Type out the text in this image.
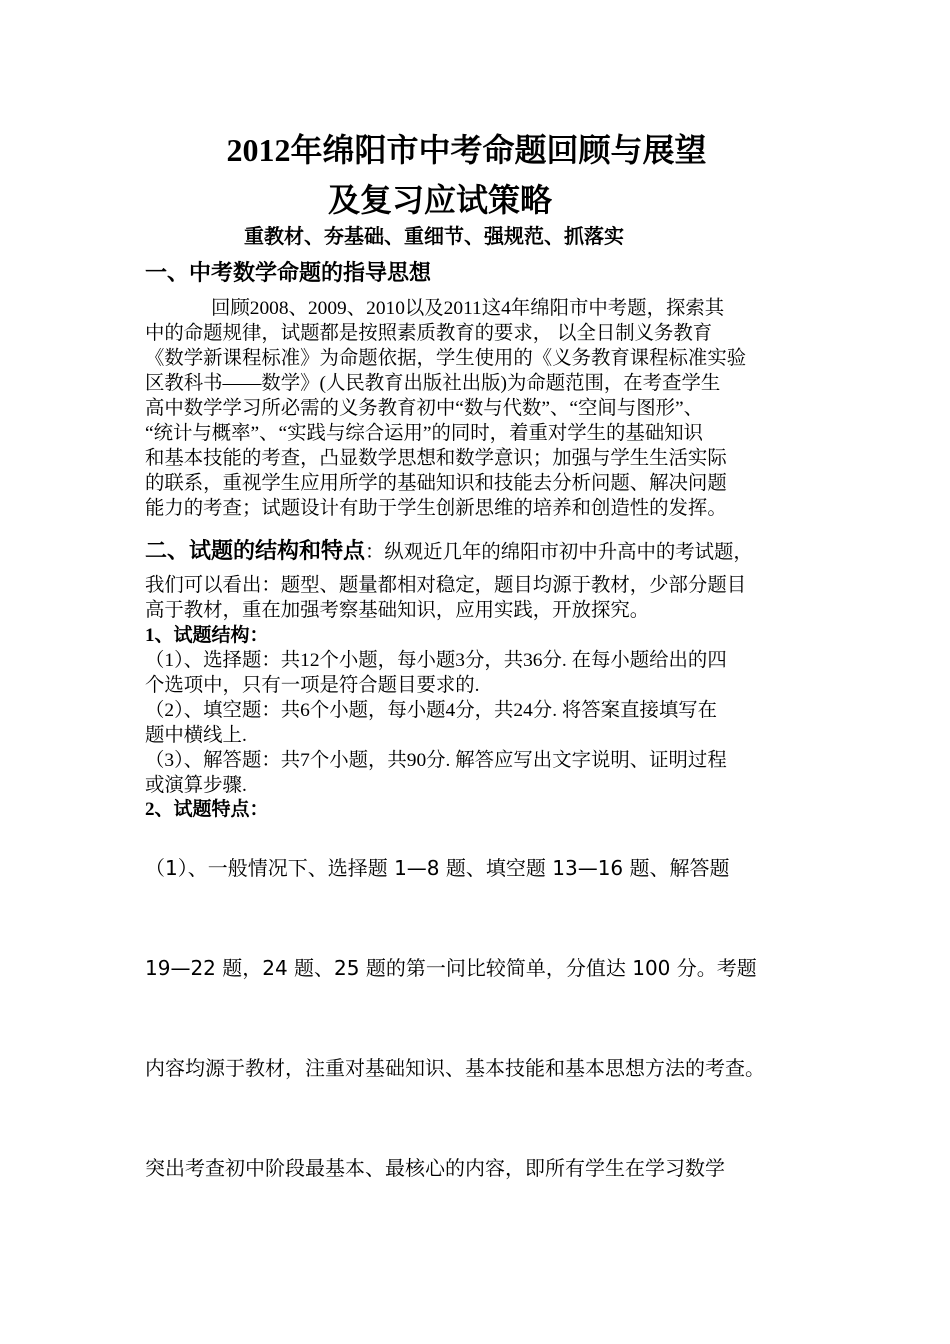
2012年绵阳市中考命题回顾与展望
及复习应试策略
重教材、夯基础、重细节、强规范、抓落实
一、中考数学命题的指导思想
回顾2008、2009、2010以及2011这4年绵阳市中考题，探索其
中的命题规律，试题都是按照素质教育的要求， 以全日制义务教育
《数学新课程标准》为命题依据，学生使用的《义务教育课程标准实验
区教科书——数学》(人民教育出版社出版)为命题范围，在考查学生
高中数学学习所必需的义务教育初中“数与代数”、“空间与图形”、
“统计与概率”、“实践与综合运用”的同时，着重对学生的基础知识
和基本技能的考查，凸显数学思想和数学意识；加强与学生生活实际
的联系，重视学生应用所学的基础知识和技能去分析问题、解决问题
能力的考查；试题设计有助于学生创新思维的培养和创造性的发挥。
二、试题的结构和特点：纵观近几年的绵阳市初中升高中的考试题，
我们可以看出：题型、题量都相对稳定，题目均源于教材，少部分题目
高于教材，重在加强考察基础知识，应用实践，开放探究。
1、试题结构：
（1）、选择题：共12个小题，每小题3分，共36分. 在每小题给出的四
个选项中，只有一项是符合题目要求的.
（2）、填空题：共6个小题，每小题4分，共24分. 将答案直接填写在
题中横线上.
（3）、解答题：共7个小题，共90分. 解答应写出文字说明、证明过程
或演算步骤.
2、试题特点：
（1）、一般情况下、选择题 1—8 题、填空题 13—16 题、解答题
19—22 题，24 题、25 题的第一问比较简单，分值达 100 分。考题
内容均源于教材，注重对基础知识、基本技能和基本思想方法的考查。
突出考查初中阶段最基本、最核心的内容，即所有学生在学习数学
